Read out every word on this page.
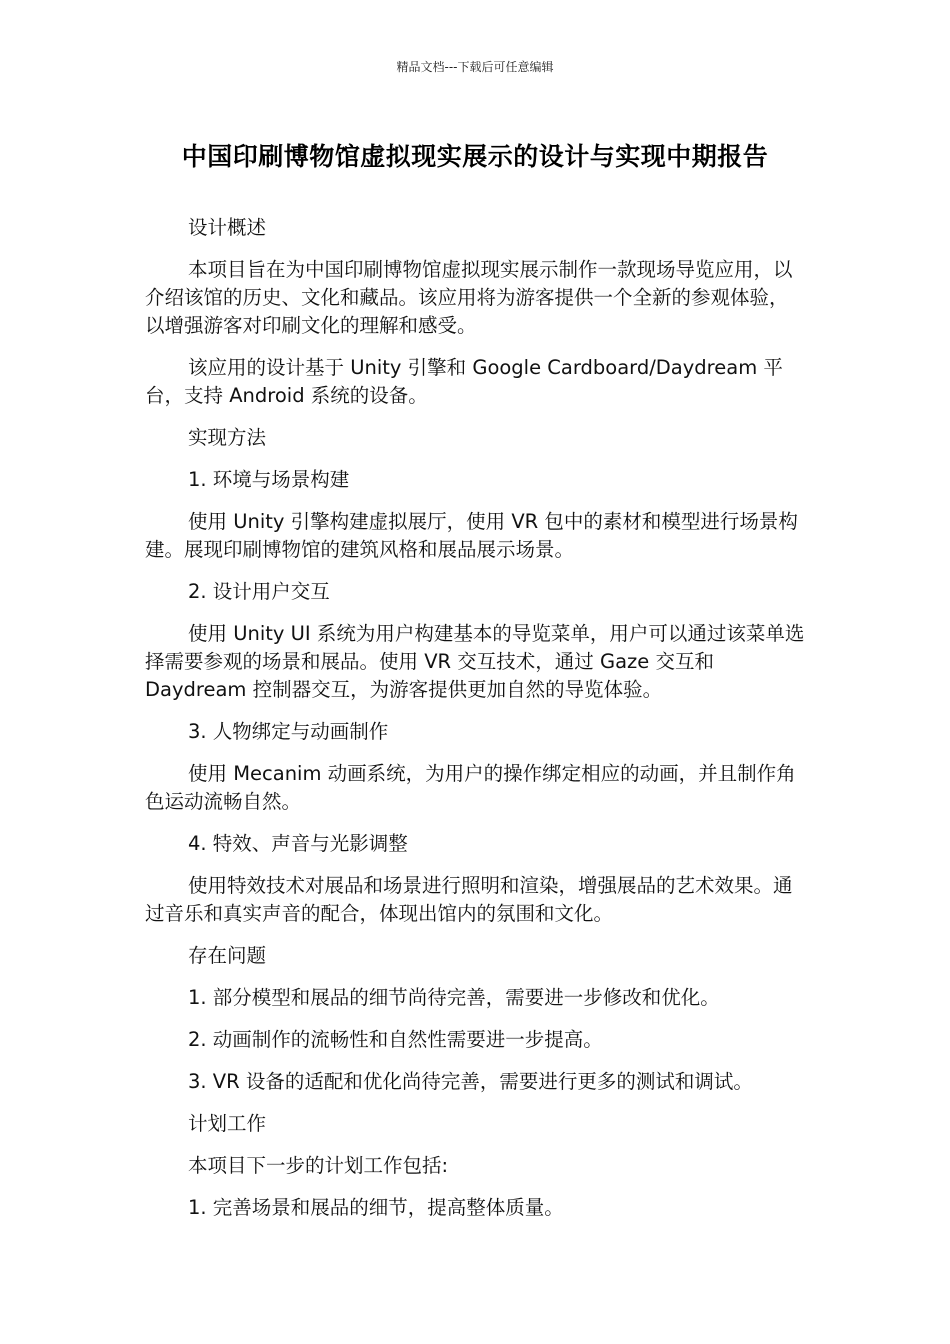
精品文档---下载后可任意编辑
中国印刷博物馆虚拟现实展示的设计与实现中期报告

设计概述

本项目旨在为中国印刷博物馆虚拟现实展示制作一款现场导览应用，以介绍该馆的历史、文化和藏品。该应用将为游客提供一个全新的参观体验，以增强游客对印刷文化的理解和感受。

该应用的设计基于 Unity 引擎和 Google Cardboard/Daydream 平台，支持 Android 系统的设备。

实现方法

1. 环境与场景构建

使用 Unity 引擎构建虚拟展厅，使用 VR 包中的素材和模型进行场景构建。展现印刷博物馆的建筑风格和展品展示场景。

2. 设计用户交互

使用 Unity UI 系统为用户构建基本的导览菜单，用户可以通过该菜单选择需要参观的场景和展品。使用 VR 交互技术，通过 Gaze 交互和 Daydream 控制器交互，为游客提供更加自然的导览体验。

3. 人物绑定与动画制作

使用 Mecanim 动画系统，为用户的操作绑定相应的动画，并且制作角色运动流畅自然。

4. 特效、声音与光影调整

使用特效技术对展品和场景进行照明和渲染，增强展品的艺术效果。通过音乐和真实声音的配合，体现出馆内的氛围和文化。

存在问题

1. 部分模型和展品的细节尚待完善，需要进一步修改和优化。

2. 动画制作的流畅性和自然性需要进一步提高。

3. VR 设备的适配和优化尚待完善，需要进行更多的测试和调试。

计划工作

本项目下一步的计划工作包括:

1. 完善场景和展品的细节，提高整体质量。
